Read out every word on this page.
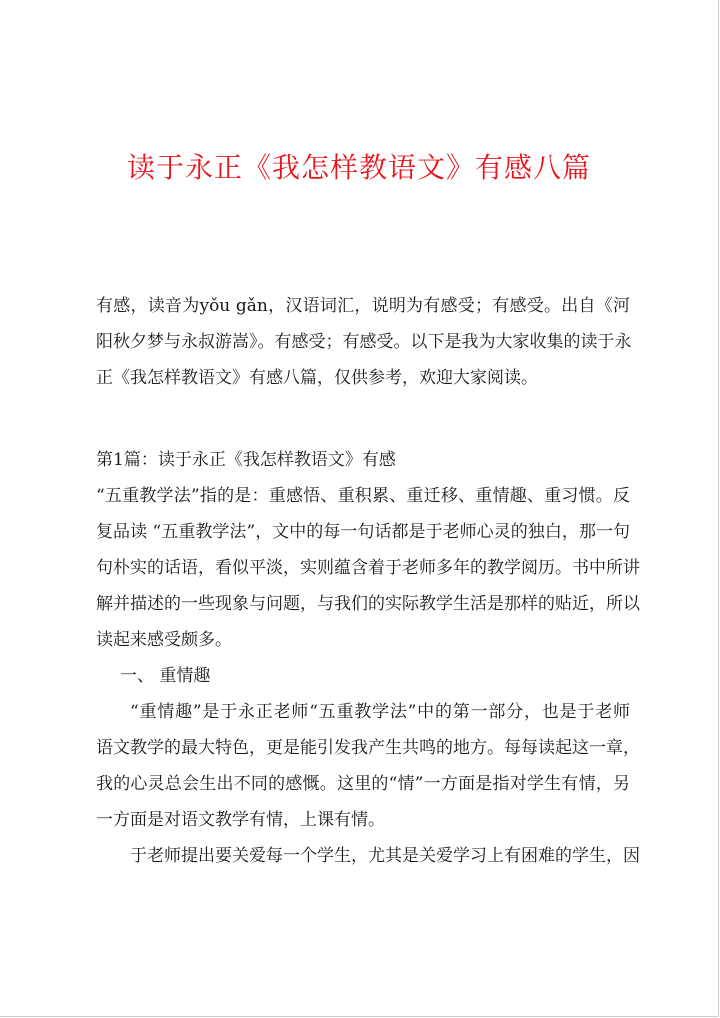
读于永正《我怎样教语文》有感八篇
有感，读音为yǒu gǎn，汉语词汇，说明为有感受；有感受。出自《河
阳秋夕梦与永叔游嵩》。有感受；有感受。以下是我为大家收集的读于永
正《我怎样教语文》有感八篇，仅供参考，欢迎大家阅读。
第1篇：读于永正《我怎样教语文》有感
“五重教学法”指的是：重感悟、重积累、重迁移、重情趣、重习惯。反
复品读 “五重教学法”，文中的每一句话都是于老师心灵的独白，那一句
句朴实的话语，看似平淡，实则蕴含着于老师多年的教学阅历。书中所讲
解并描述的一些现象与问题，与我们的实际教学生活是那样的贴近，所以
读起来感受颇多。
一、 重情趣
“重情趣”是于永正老师“五重教学法”中的第一部分，也是于老师
语文教学的最大特色，更是能引发我产生共鸣的地方。每每读起这一章，
我的心灵总会生出不同的感慨。这里的“情”一方面是指对学生有情，另
一方面是对语文教学有情，上课有情。
于老师提出要关爱每一个学生，尤其是关爱学习上有困难的学生，因
